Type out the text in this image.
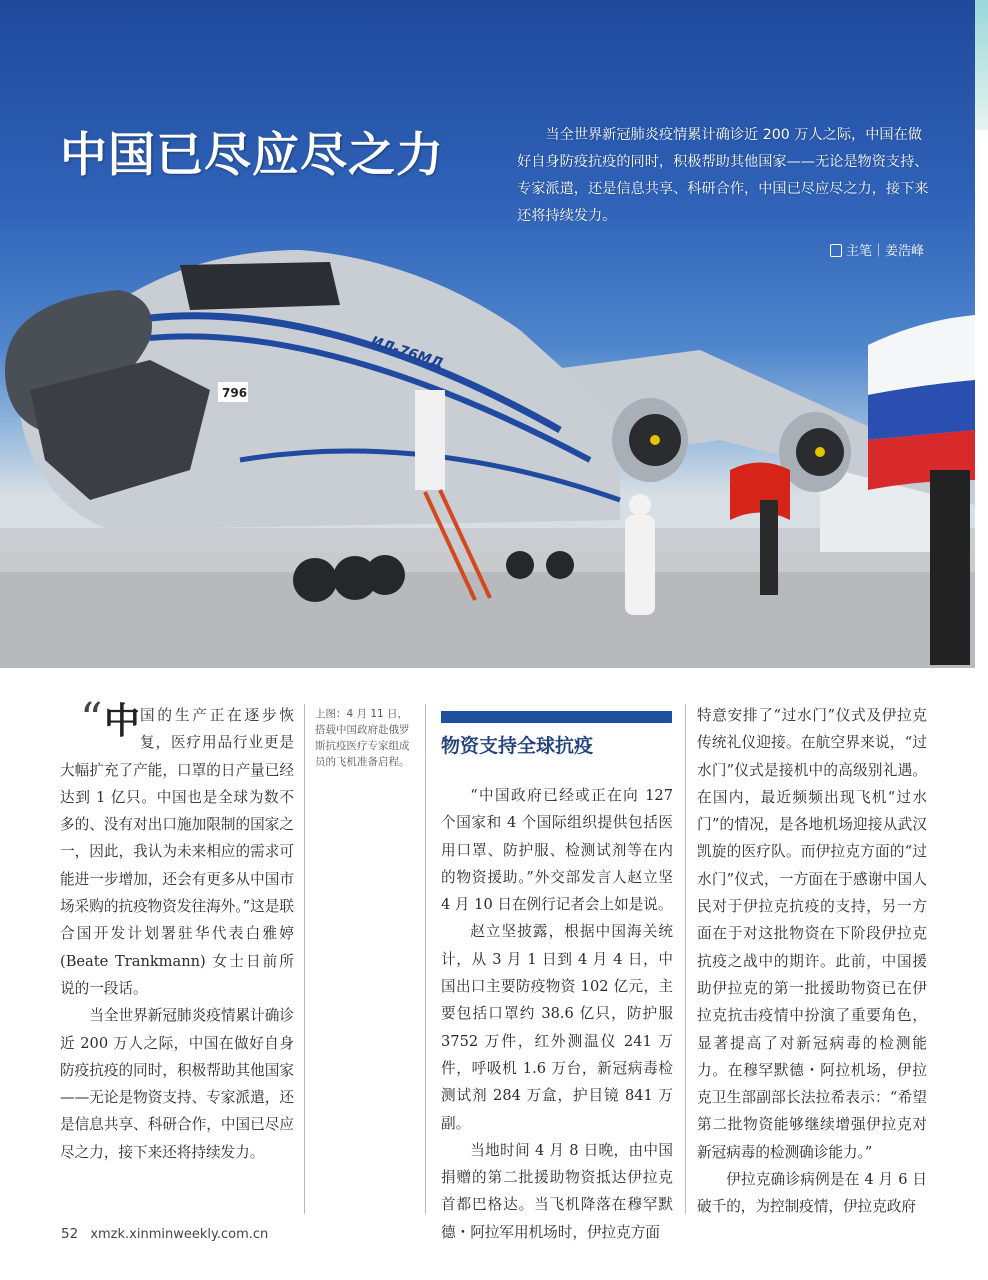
ИЛ-76МД
796
中国已尽应尽之力	当全世界新冠肺炎疫情累计确诊近 200 万人之际，中国在做好自身防疫抗疫的同时，积极帮助其他国家——无论是物资支持、专家派遣，还是信息共享、科研合作，中国已尽应尽之力，接下来还将持续发力。

主笔｜姜浩峰
“ 中 国的生产正在逐步恢复，医疗用品行业更是大幅扩充了产能，口罩的日产量已经达到 1 亿只。中国也是全球为数不多的、没有对出口施加限制的国家之一，因此，我认为未来相应的需求可能进一步增加，还会有更多从中国市场采购的抗疫物资发往海外。”这是联合国开发计划署驻华代表白雅婷 (Beate Trankmann) 女士日前所说的一段话。

当全世界新冠肺炎疫情累计确诊近 200 万人之际，中国在做好自身防疫抗疫的同时，积极帮助其他国家——无论是物资支持、专家派遣，还是信息共享、科研合作，中国已尽应尽之力，接下来还将持续发力。

上图：4 月 11 日，搭载中国政府赴俄罗斯抗疫医疗专家组成员的飞机准备启程。

物资支持全球抗疫

“中国政府已经或正在向 127 个国家和 4 个国际组织提供包括医用口罩、防护服、检测试剂等在内的物资援助。”外交部发言人赵立坚 4 月 10 日在例行记者会上如是说。

赵立坚披露，根据中国海关统计，从 3 月 1 日到 4 月 4 日，中国出口主要防疫物资 102 亿元，主要包括口罩约 38.6 亿只，防护服 3752 万件，红外测温仪 241 万件，呼吸机 1.6 万台，新冠病毒检测试剂 284 万盒，护目镜 841 万副。

当地时间 4 月 8 日晚，由中国捐赠的第二批援助物资抵达伊拉克首都巴格达。当飞机降落在穆罕默德・阿拉军用机场时，伊拉克方面

特意安排了“过水门”仪式及伊拉克传统礼仪迎接。在航空界来说，“过水门”仪式是接机中的高级别礼遇。在国内，最近频频出现飞机“过水门”的情况，是各地机场迎接从武汉凯旋的医疗队。而伊拉克方面的“过水门”仪式，一方面在于感谢中国人民对于伊拉克抗疫的支持，另一方面在于对这批物资在下阶段伊拉克抗疫之战中的期许。此前，中国援助伊拉克的第一批援助物资已在伊拉克抗击疫情中扮演了重要角色，显著提高了对新冠病毒的检测能力。在穆罕默德・阿拉机场，伊拉克卫生部副部长法拉希表示：“希望第二批物资能够继续增强伊拉克对新冠病毒的检测确诊能力。”

伊拉克确诊病例是在 4 月 6 日破千的，为控制疫情，伊拉克政府

52 xmzk.xinminweekly.com.cn
